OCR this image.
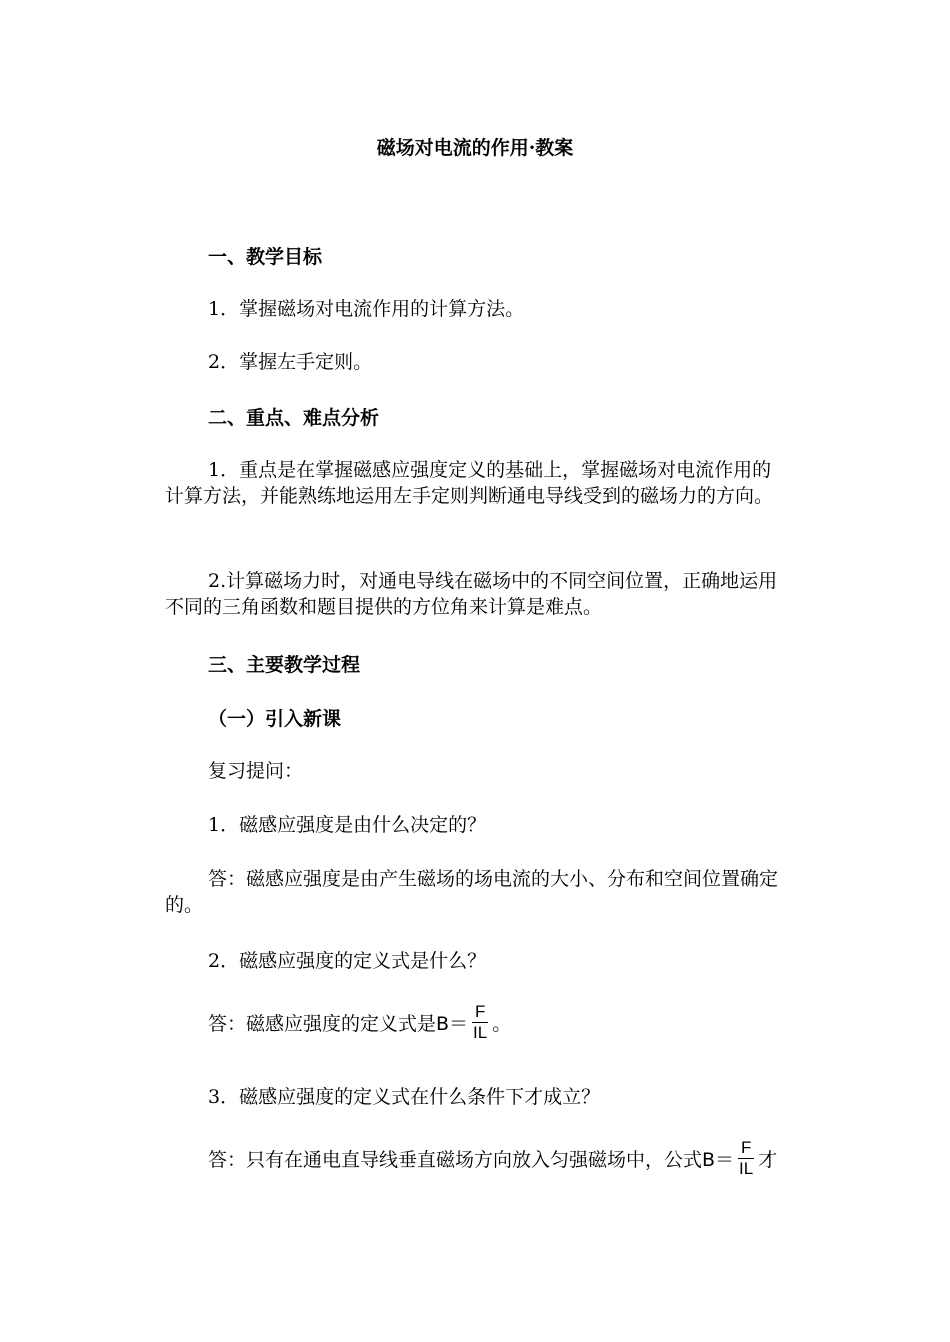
磁场对电流的作用·教案
一、教学目标
1．掌握磁场对电流作用的计算方法。
2．掌握左手定则。
二、重点、难点分析
1．重点是在掌握磁感应强度定义的基础上，掌握磁场对电流作用的计算方法，并能熟练地运用左手定则判断通电导线受到的磁场力的方向。
2.计算磁场力时，对通电导线在磁场中的不同空间位置，正确地运用不同的三角函数和题目提供的方位角来计算是难点。
三、主要教学过程
（一）引入新课
复习提问：
1．磁感应强度是由什么决定的？
答：磁感应强度是由产生磁场的场电流的大小、分布和空间位置确定的。
2．磁感应强度的定义式是什么？
答：磁感应强度的定义式是$B= \frac{F}{IL}$ 。
3．磁感应强度的定义式在什么条件下才成立？
答：只有在通电直导线垂直磁场方向放入匀强磁场中，公式$B= \frac{F}{IL}$ 才
